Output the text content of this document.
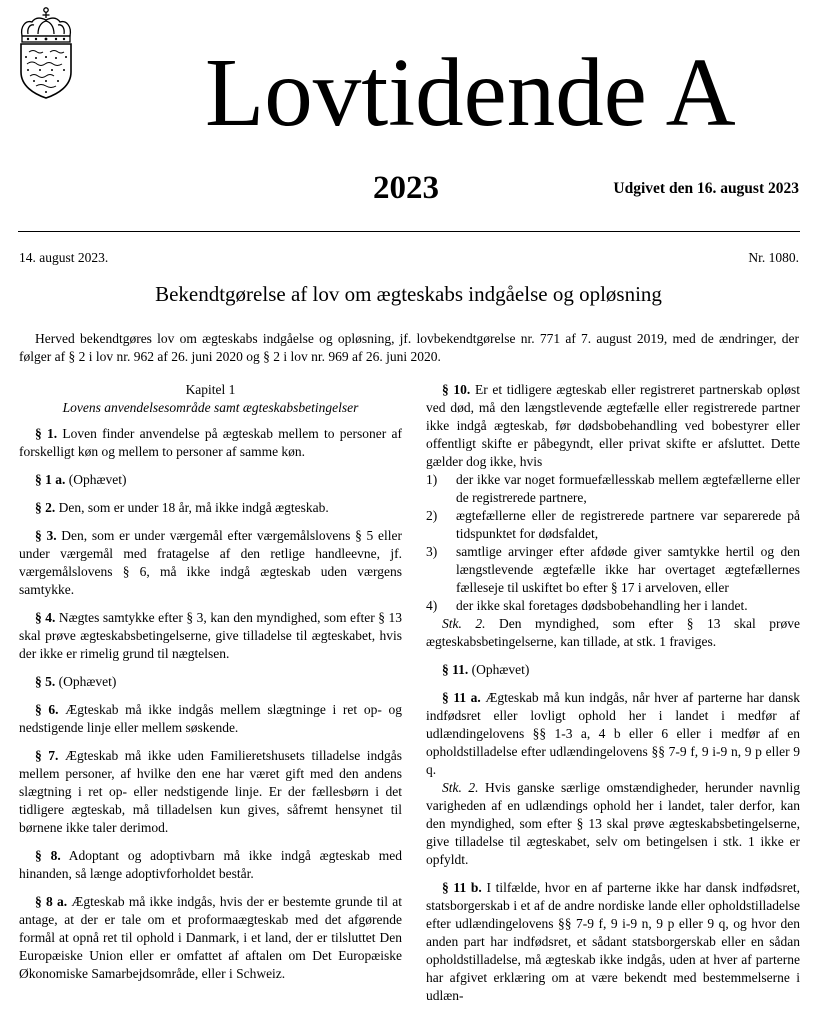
Lovtidende A
2023	Udgivet den 16. august 2023
14. august 2023.	Nr. 1080.
Bekendtgørelse af lov om ægteskabs indgåelse og opløsning
Herved bekendtgøres lov om ægteskabs indgåelse og opløsning, jf. lovbekendtgørelse nr. 771 af 7. august 2019, med de ændringer, der følger af § 2 i lov nr. 962 af 26. juni 2020 og § 2 i lov nr. 969 af 26. juni 2020.

Kapitel 1

Lovens anvendelsesområde samt ægteskabsbetingelser

§ 1. Loven finder anvendelse på ægteskab mellem to personer af forskelligt køn og mellem to personer af samme køn.

§ 1 a. (Ophævet)

§ 2. Den, som er under 18 år, må ikke indgå ægteskab.

§ 3. Den, som er under værgemål efter værgemålslovens § 5 eller under værgemål med fratagelse af den retlige handleevne, jf. værgemålslovens § 6, må ikke indgå ægteskab uden værgens samtykke.

§ 4. Nægtes samtykke efter § 3, kan den myndighed, som efter § 13 skal prøve ægteskabsbetingelserne, give tilladelse til ægteskabet, hvis der ikke er rimelig grund til nægtelsen.

§ 5. (Ophævet)

§ 6. Ægteskab må ikke indgås mellem slægtninge i ret op- og nedstigende linje eller mellem søskende.

§ 7. Ægteskab må ikke uden Familieretshusets tilladelse indgås mellem personer, af hvilke den ene har været gift med den andens slægtning i ret op- eller nedstigende linje. Er der fællesbørn i det tidligere ægteskab, må tilladelsen kun gives, såfremt hensynet til børnene ikke taler derimod.

§ 8. Adoptant og adoptivbarn må ikke indgå ægteskab med hinanden, så længe adoptivforholdet består.

§ 8 a. Ægteskab må ikke indgås, hvis der er bestemte grunde til at antage, at der er tale om et proformaægteskab med det afgørende formål at opnå ret til ophold i Danmark, i et land, der er tilsluttet Den Europæiske Union eller er omfattet af aftalen om Det Europæiske Økonomiske Samarbejdsområde, eller i Schweiz.

§ 10. Er et tidligere ægteskab eller registreret partnerskab opløst ved død, må den længstlevende ægtefælle eller registrerede partner ikke indgå ægteskab, før dødsbobehandling ved bobestyrer eller offentligt skifte er påbegyndt, eller privat skifte er afsluttet. Dette gælder dog ikke, hvis

1)	der ikke var noget formuefællesskab mellem ægtefællerne eller de registrerede partnere,
2)	ægtefællerne eller de registrerede partnere var separerede på tidspunktet for dødsfaldet,
3)	samtlige arvinger efter afdøde giver samtykke hertil og den længstlevende ægtefælle ikke har overtaget ægtefællernes fælleseje til uskiftet bo efter § 17 i arveloven, eller
4)	der ikke skal foretages dødsbobehandling her i landet.

Stk. 2. Den myndighed, som efter § 13 skal prøve ægteskabsbetingelserne, kan tillade, at stk. 1 fraviges.

§ 11. (Ophævet)

§ 11 a. Ægteskab må kun indgås, når hver af parterne har dansk indfødsret eller lovligt ophold her i landet i medfør af udlændingelovens §§ 1-3 a, 4 b eller 6 eller i medfør af en opholdstilladelse efter udlændingelovens §§ 7-9 f, 9 i-9 n, 9 p eller 9 q.

Stk. 2. Hvis ganske særlige omstændigheder, herunder navnlig varigheden af en udlændings ophold her i landet, taler derfor, kan den myndighed, som efter § 13 skal prøve ægteskabsbetingelserne, give tilladelse til ægteskabet, selv om betingelsen i stk. 1 ikke er opfyldt.

§ 11 b. I tilfælde, hvor en af parterne ikke har dansk indfødsret, statsborgerskab i et af de andre nordiske lande eller opholdstilladelse efter udlændingelovens §§ 7-9 f, 9 i-9 n, 9 p eller 9 q, og hvor den anden part har indfødsret, et sådant statsborgerskab eller en sådan opholdstilladelse, må ægteskab ikke indgås, uden at hver af parterne har afgivet erklæring om at være bekendt med bestemmelserne i udlæn-
